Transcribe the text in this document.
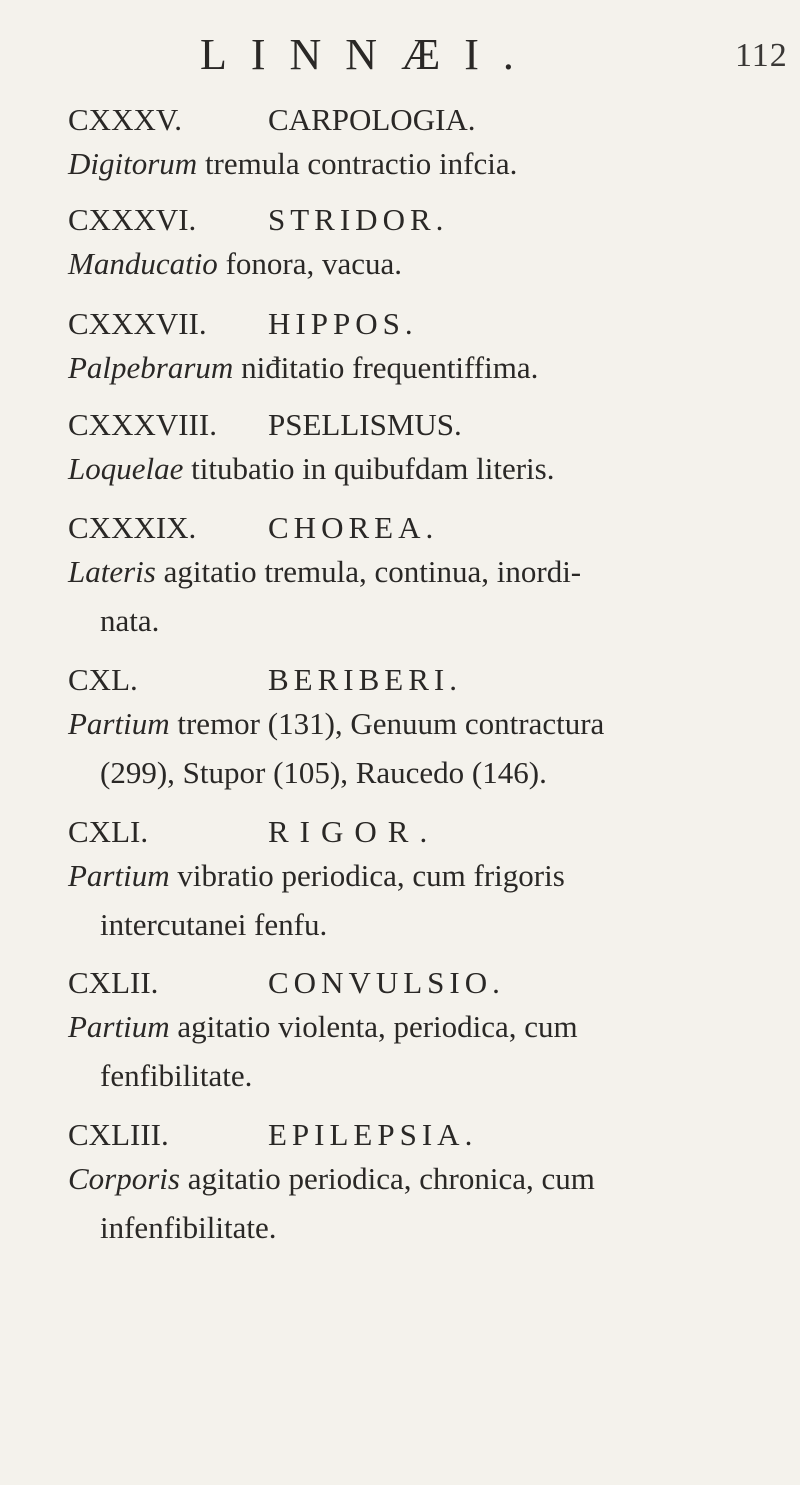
LINNÆI.	112
CXXXV.	CARPOLOGIA.
Digitorum tremula contractio infcia.
CXXXVI. STRIDOR.
Manducatio fonora, vacua.
CXXXVII. HIPPOS.
Palpebrarum niđitatio frequentiffima.
CXXXVIII. PSELLISMUS.
Loquelae titubatio in quibufdam literis.
CXXXIX. CHOREA.
Lateris agitatio tremula, continua, inordi-
nata.
CXL.	BERIBERI.
Partium tremor (131), Genuum contractura
(299), Stupor (105), Raucedo (146).
CXLI.	RIGOR.
Partium vibratio periodica, cum frigoris
intercutanei fenfu.
CXLII.	CONVULSIO.
Partium agitatio violenta, periodica, cum
fenfibilitate.
CXLIII.	EPILEPSIA.
Corporis agitatio periodica, chronica, cum
infenfibilitate.
